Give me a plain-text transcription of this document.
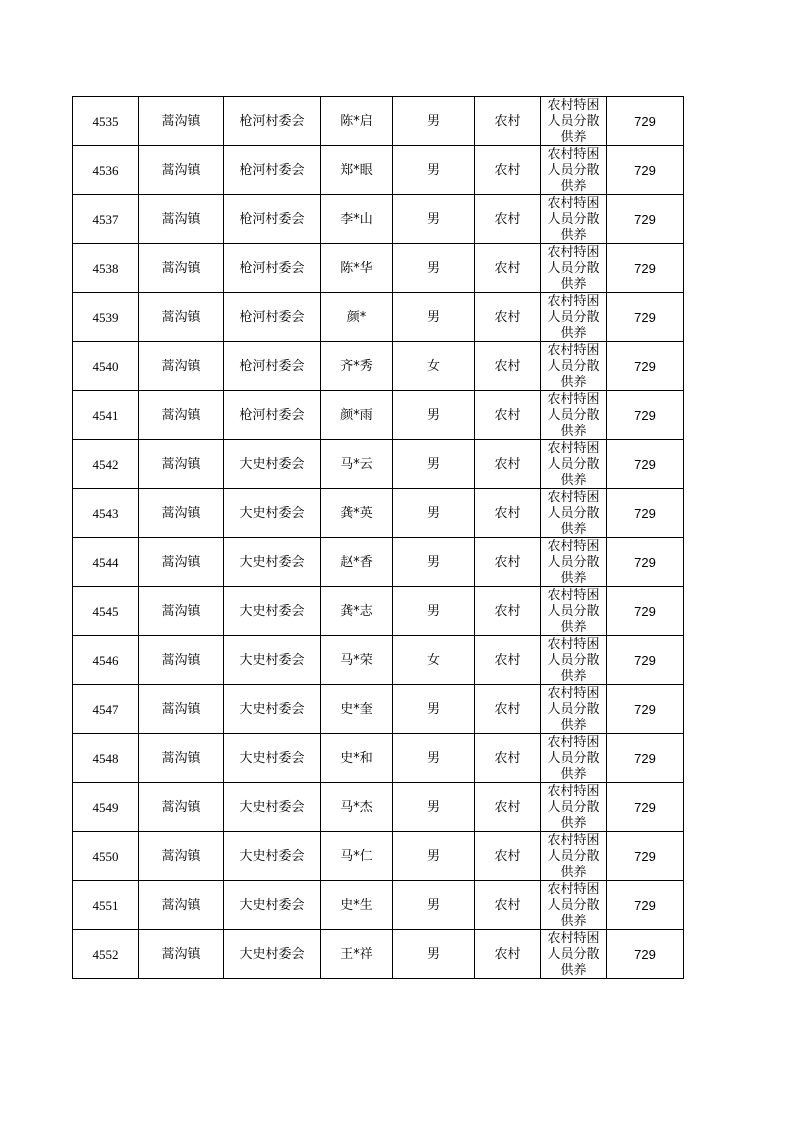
4535	蒿沟镇	枪河村委会	陈*启	男	农村	农村特困人员分散供养	729
4536	蒿沟镇	枪河村委会	郑*眼	男	农村	农村特困人员分散供养	729
4537	蒿沟镇	枪河村委会	李*山	男	农村	农村特困人员分散供养	729
4538	蒿沟镇	枪河村委会	陈*华	男	农村	农村特困人员分散供养	729
4539	蒿沟镇	枪河村委会	颜*	男	农村	农村特困人员分散供养	729
4540	蒿沟镇	枪河村委会	齐*秀	女	农村	农村特困人员分散供养	729
4541	蒿沟镇	枪河村委会	颜*雨	男	农村	农村特困人员分散供养	729
4542	蒿沟镇	大史村委会	马*云	男	农村	农村特困人员分散供养	729
4543	蒿沟镇	大史村委会	龚*英	男	农村	农村特困人员分散供养	729
4544	蒿沟镇	大史村委会	赵*香	男	农村	农村特困人员分散供养	729
4545	蒿沟镇	大史村委会	龚*志	男	农村	农村特困人员分散供养	729
4546	蒿沟镇	大史村委会	马*荣	女	农村	农村特困人员分散供养	729
4547	蒿沟镇	大史村委会	史*奎	男	农村	农村特困人员分散供养	729
4548	蒿沟镇	大史村委会	史*和	男	农村	农村特困人员分散供养	729
4549	蒿沟镇	大史村委会	马*杰	男	农村	农村特困人员分散供养	729
4550	蒿沟镇	大史村委会	马*仁	男	农村	农村特困人员分散供养	729
4551	蒿沟镇	大史村委会	史*生	男	农村	农村特困人员分散供养	729
4552	蒿沟镇	大史村委会	王*祥	男	农村	农村特困人员分散供养	729
